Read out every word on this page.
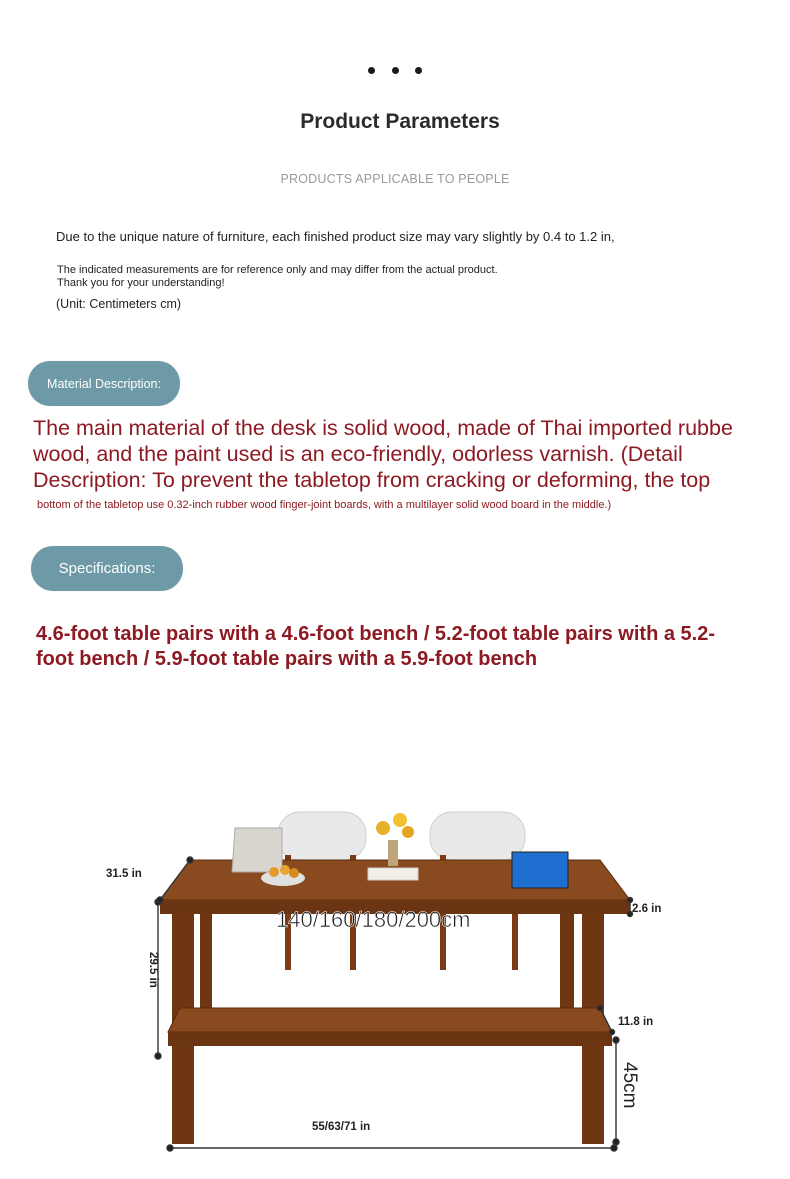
Product Parameters
PRODUCTS APPLICABLE TO PEOPLE
Due to the unique nature of furniture, each finished product size may vary slightly by 0.4 to 1.2 in,
The indicated measurements are for reference only and may differ from the actual product. Thank you for your understanding!
(Unit: Centimeters cm)
Material Description:
The main material of the desk is solid wood, made of Thai imported rubbe
wood, and the paint used is an eco-friendly, odorless varnish. (Detail
Description: To prevent the tabletop from cracking or deforming, the top
bottom of the tabletop use 0.32-inch rubber wood finger-joint boards, with a multilayer solid wood board in the middle.)
Specifications:
4.6-foot table pairs with a 4.6-foot bench / 5.2-foot table pairs with a 5.2-foot bench / 5.9-foot table pairs with a 5.9-foot bench
31.5 in
140/160/180/200cm	2.6 in
29.5 in
11.8 in
45cm
55/63/71 in
